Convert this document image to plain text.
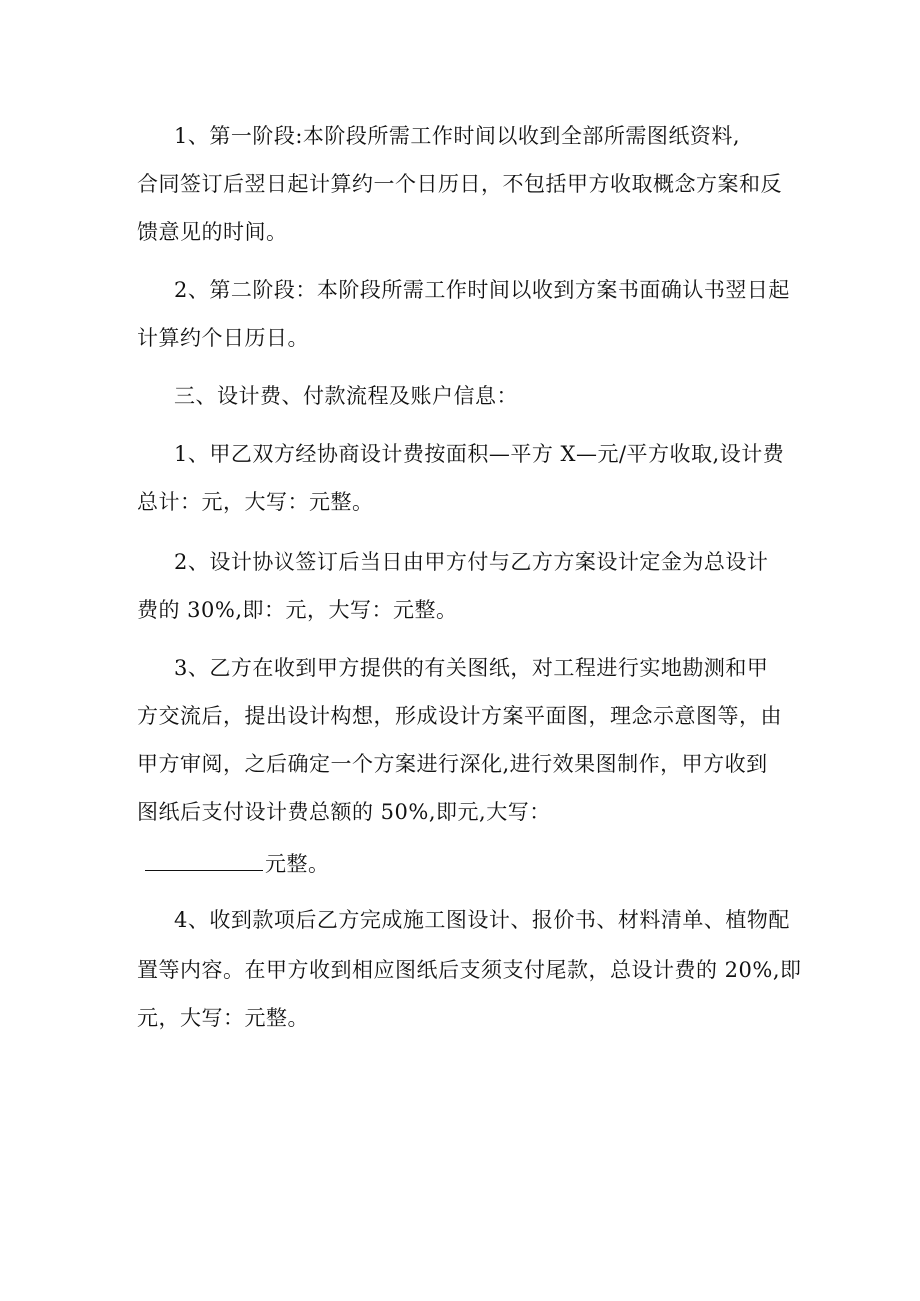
1、第一阶段:本阶段所需工作时间以收到全部所需图纸资料,
合同签订后翌日起计算约一个日历日，不包括甲方收取概念方案和反
馈意见的时间。
2、第二阶段：本阶段所需工作时间以收到方案书面确认书翌日起
计算约个日历日。
三、设计费、付款流程及账户信息：
1、甲乙双方经协商设计费按面积—平方 X—元/平方收取,设计费
总计：元，大写：元整。
2、设计协议签订后当日由甲方付与乙方方案设计定金为总设计
费的 30%,即：元，大写：元整。
3、乙方在收到甲方提供的有关图纸，对工程进行实地勘测和甲
方交流后，提出设计构想，形成设计方案平面图，理念示意图等，由
甲方审阅，之后确定一个方案进行深化,进行效果图制作，甲方收到
图纸后支付设计费总额的 50%,即元,大写：
元整。
4、收到款项后乙方完成施工图设计、报价书、材料清单、植物配
置等内容。在甲方收到相应图纸后支须支付尾款，总设计费的 20%,即
元，大写：元整。
